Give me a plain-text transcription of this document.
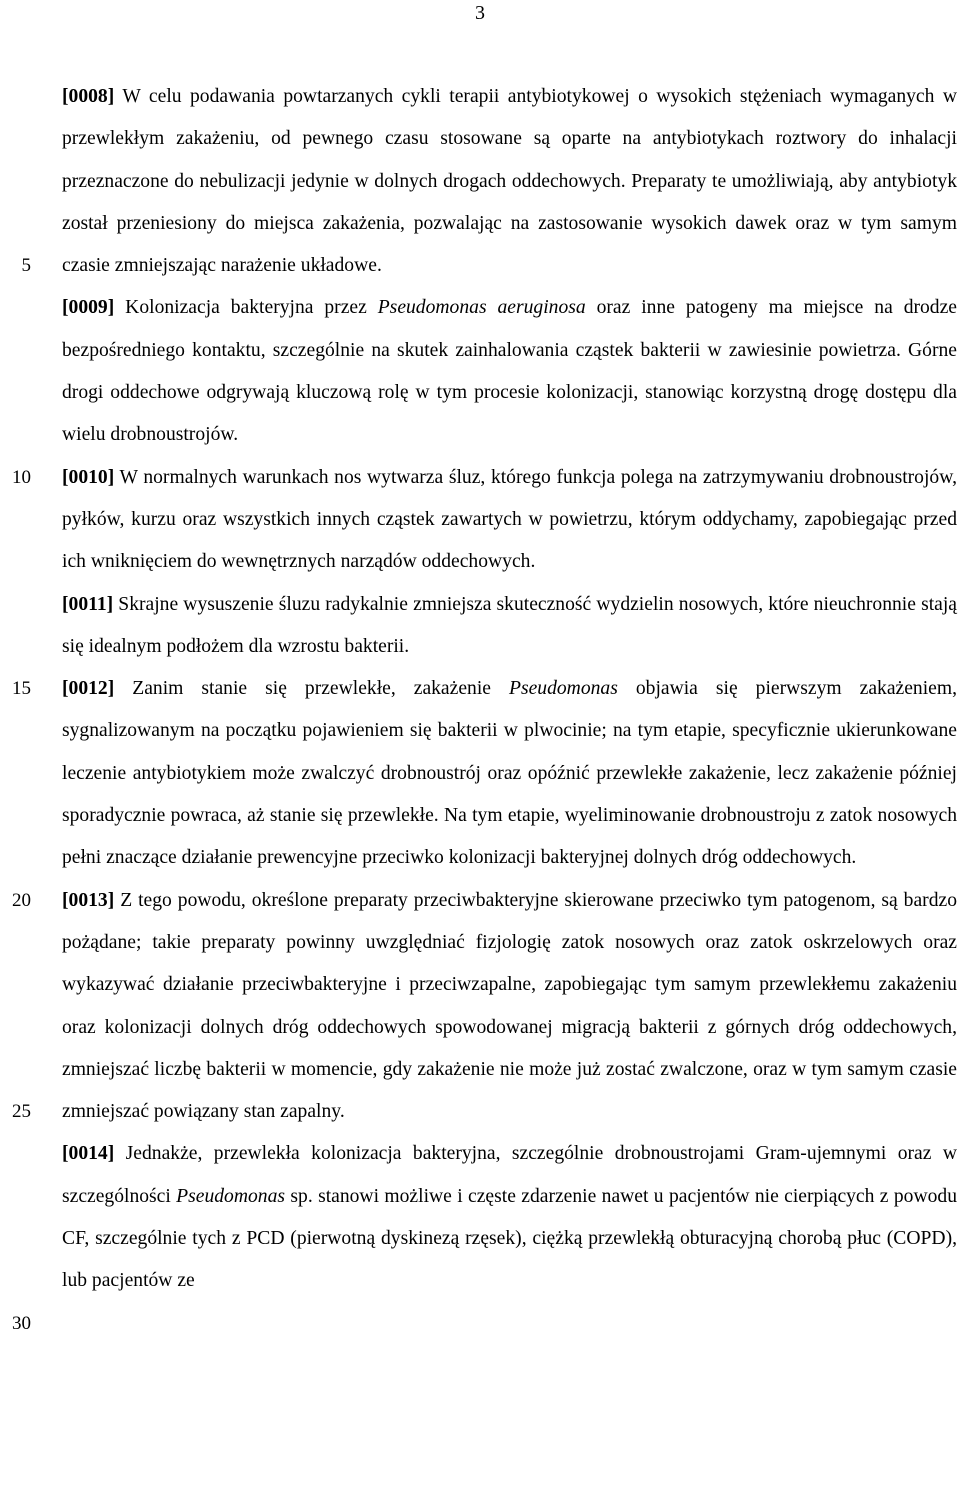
3
5
10
15
20
25
30

[0008] W celu podawania powtarzanych cykli terapii antybiotykowej o wysokich stężeniach wymaganych w przewlekłym zakażeniu, od pewnego czasu stosowane są oparte na antybiotykach roztwory do inhalacji przeznaczone do nebulizacji jedynie w dolnych drogach oddechowych. Preparaty te umożliwiają, aby antybiotyk został przeniesiony do miejsca zakażenia, pozwalając na zastosowanie wysokich dawek oraz w tym samym czasie zmniejszając narażenie układowe.

[0009] Kolonizacja bakteryjna przez Pseudomonas aeruginosa oraz inne patogeny ma miejsce na drodze bezpośredniego kontaktu, szczególnie na skutek zainhalowania cząstek bakterii w zawiesinie powietrza. Górne drogi oddechowe odgrywają kluczową rolę w tym procesie kolonizacji, stanowiąc korzystną drogę dostępu dla wielu drobnoustrojów.

[0010] W normalnych warunkach nos wytwarza śluz, którego funkcja polega na zatrzymywaniu drobnoustrojów, pyłków, kurzu oraz wszystkich innych cząstek zawartych w powietrzu, którym oddychamy, zapobiegając przed ich wniknięciem do wewnętrznych narządów oddechowych.

[0011] Skrajne wysuszenie śluzu radykalnie zmniejsza skuteczność wydzielin nosowych, które nieuchronnie stają się idealnym podłożem dla wzrostu bakterii.

[0012] Zanim stanie się przewlekłe, zakażenie Pseudomonas objawia się pierwszym zakażeniem, sygnalizowanym na początku pojawieniem się bakterii w plwocinie; na tym etapie, specyficznie ukierunkowane leczenie antybiotykiem może zwalczyć drobnoustrój oraz opóźnić przewlekłe zakażenie, lecz zakażenie później sporadycznie powraca, aż stanie się przewlekłe. Na tym etapie, wyeliminowanie drobnoustroju z zatok nosowych pełni znaczące działanie prewencyjne przeciwko kolonizacji bakteryjnej dolnych dróg oddechowych.

[0013] Z tego powodu, określone preparaty przeciwbakteryjne skierowane przeciwko tym patogenom, są bardzo pożądane; takie preparaty powinny uwzględniać fizjologię zatok nosowych oraz zatok oskrzelowych oraz wykazywać działanie przeciwbakteryjne i przeciwzapalne, zapobiegając tym samym przewlekłemu zakażeniu oraz kolonizacji dolnych dróg oddechowych spowodowanej migracją bakterii z górnych dróg oddechowych, zmniejszać liczbę bakterii w momencie, gdy zakażenie nie może już zostać zwalczone, oraz w tym samym czasie zmniejszać powiązany stan zapalny.

[0014] Jednakże, przewlekła kolonizacja bakteryjna, szczególnie drobnoustrojami Gram-ujemnymi oraz w szczególności Pseudomonas sp. stanowi możliwe i częste zdarzenie nawet u pacjentów nie cierpiących z powodu CF, szczególnie tych z PCD (pierwotną dyskinezą rzęsek), ciężką przewlekłą obturacyjną chorobą płuc (COPD), lub pacjentów ze
